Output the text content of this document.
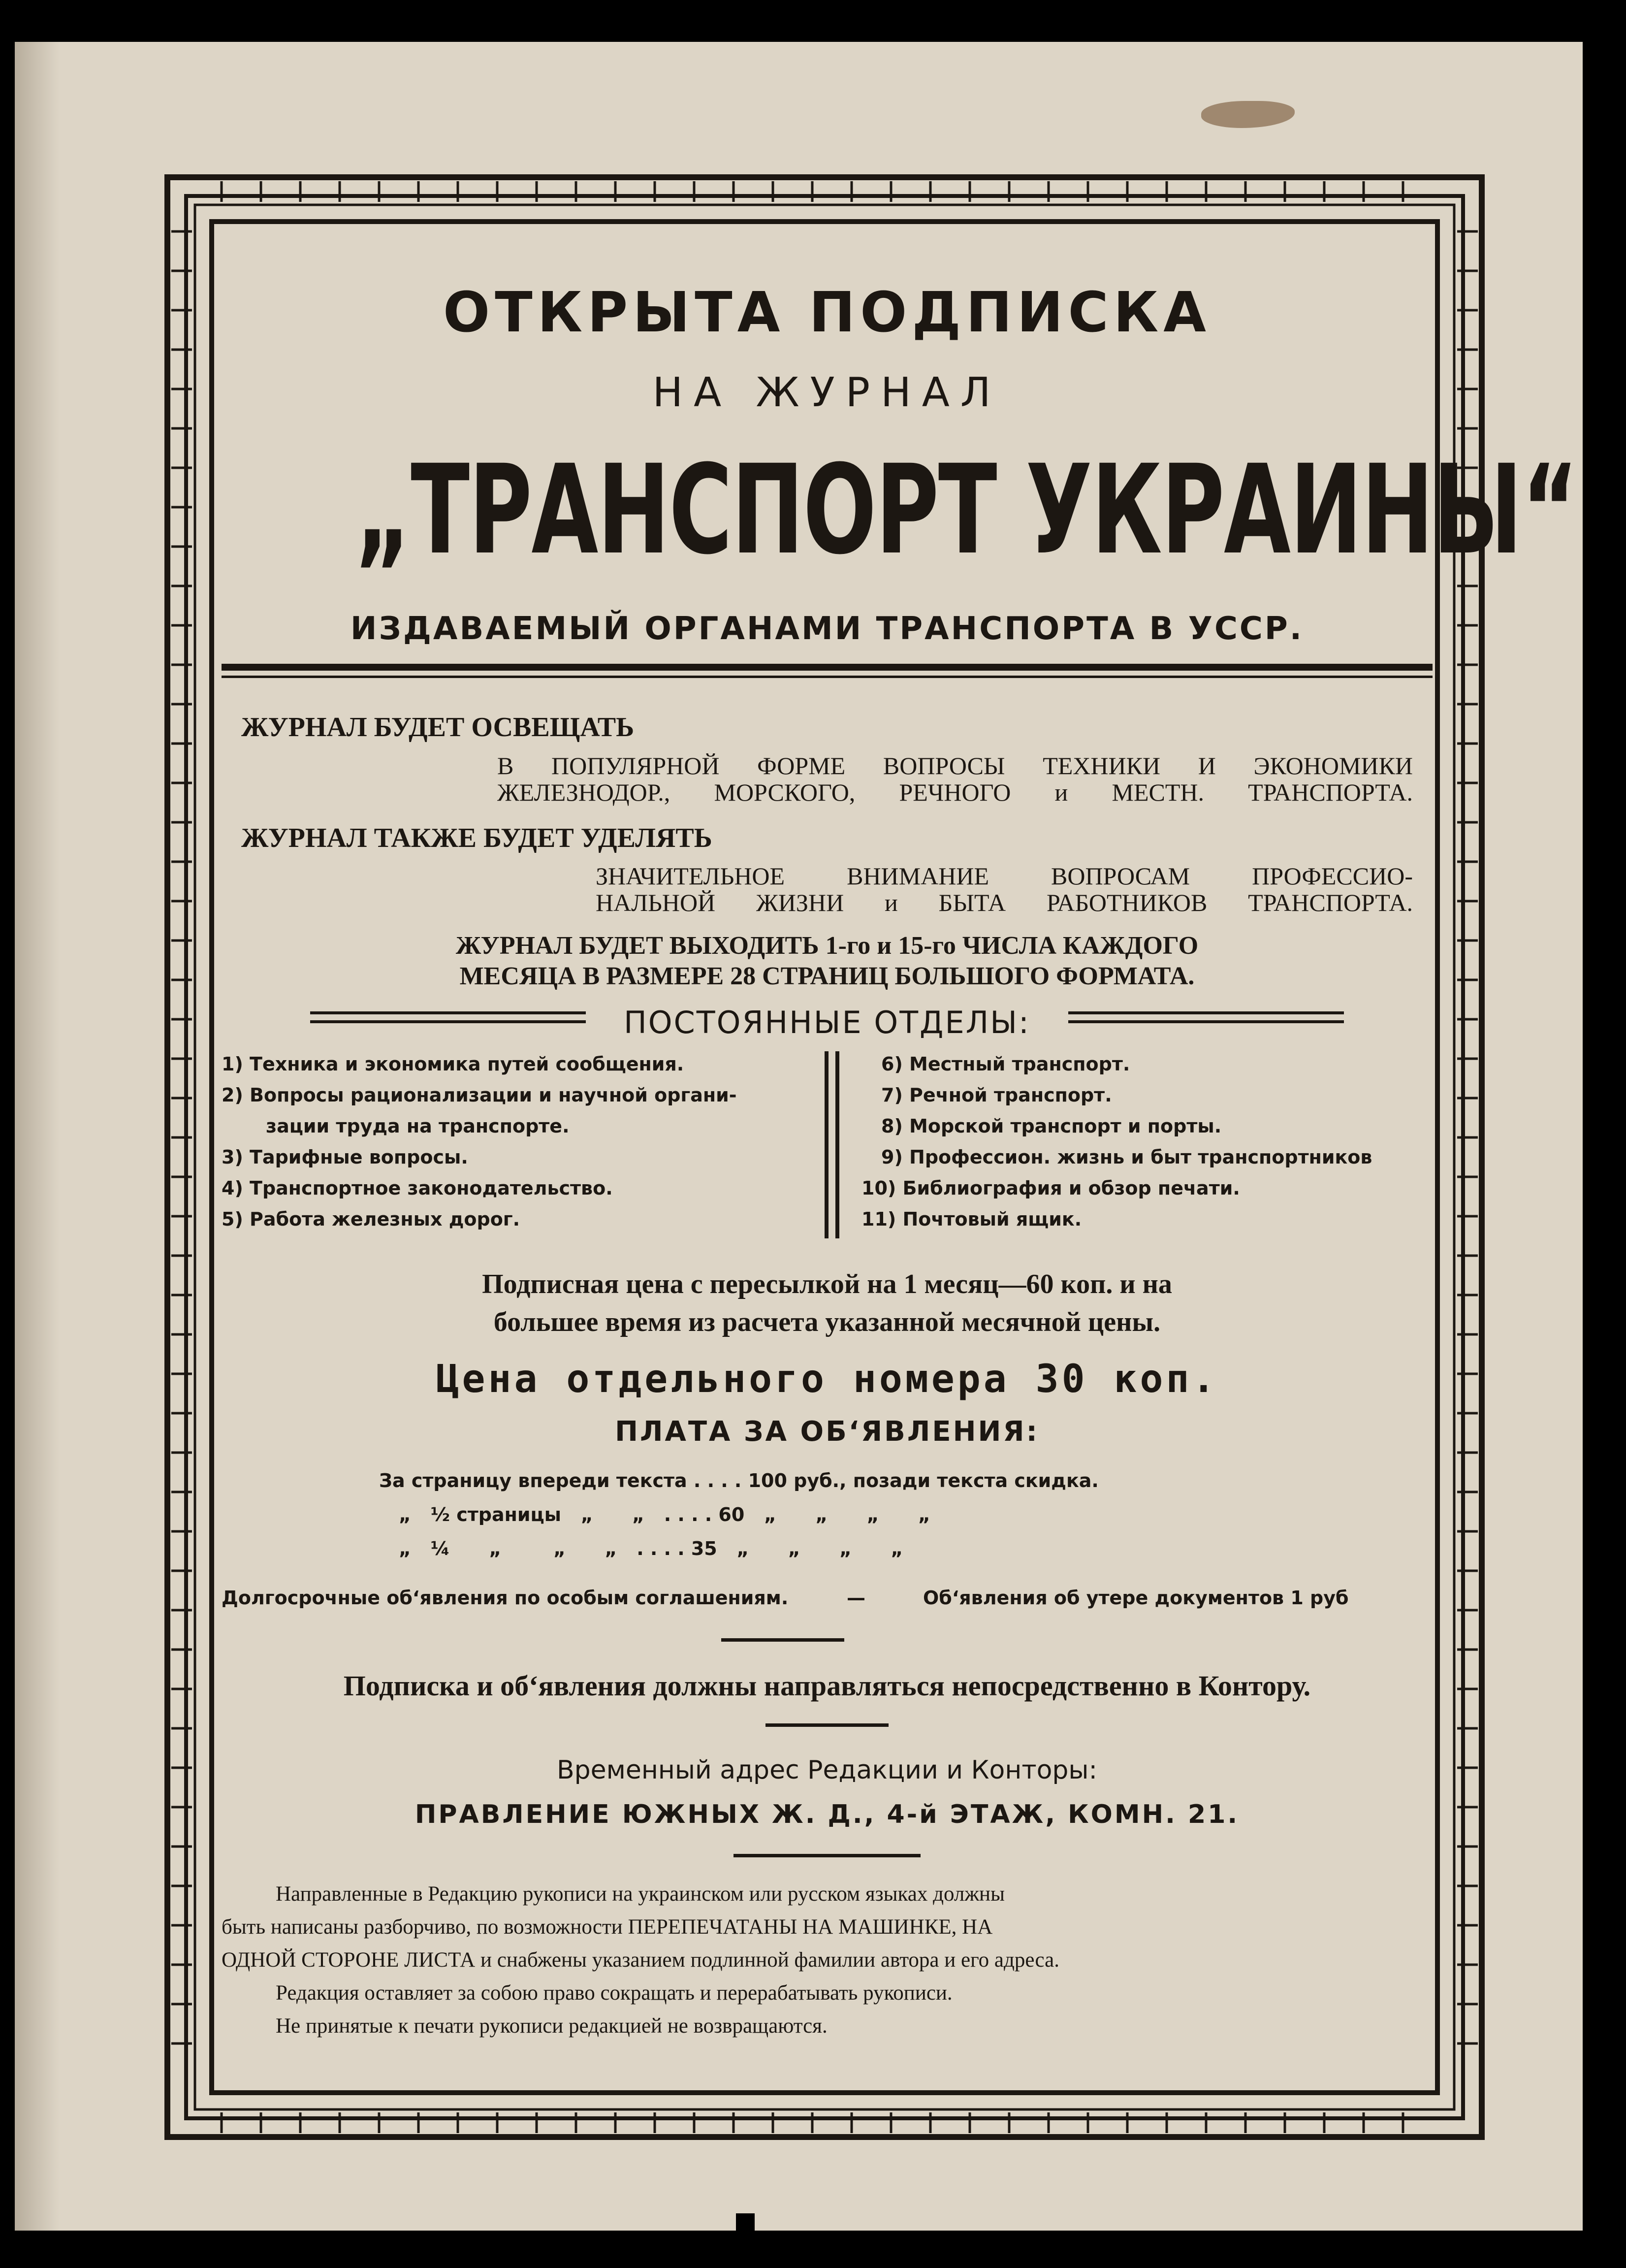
ОТКРЫТА ПОДПИСКА
НА ЖУРНАЛ
„ТРАНСПОРТ УКРАИНЫ“
ИЗДАВАЕМЫЙ ОРГАНАМИ ТРАНСПОРТА В УССР.
ЖУРНАЛ БУДЕТ ОСВЕЩАТЬ
В ПОПУЛЯРНОЙ ФОРМЕ ВОПРОСЫ ТЕХНИКИ И ЭКОНОМИКИ
ЖЕЛЕЗНОДОР., МОРСКОГО, РЕЧНОГО и МЕСТН. ТРАНСПОРТА.
ЖУРНАЛ ТАКЖЕ БУДЕТ УДЕЛЯТЬ
ЗНАЧИТЕЛЬНОЕ ВНИМАНИЕ ВОПРОСАМ ПРОФЕССИО-
НАЛЬНОЙ ЖИЗНИ и БЫТА РАБОТНИКОВ ТРАНСПОРТА.
ЖУРНАЛ БУДЕТ ВЫХОДИТЬ 1-го и 15-го ЧИСЛА КАЖДОГО
МЕСЯЦА В РАЗМЕРЕ 28 СТРАНИЦ БОЛЬШОГО ФОРМАТА.
ПОСТОЯННЫЕ ОТДЕЛЫ:
1) Техника и экономика путей сообщения.
2) Вопросы рационализации и научной органи-
зации труда на транспорте.
3) Тарифные вопросы.
4) Транспортное законодательство.
5) Работа железных дорог.
6) Местный транспорт.
7) Речной транспорт.
8) Морской транспорт и порты.
9) Профессион. жизнь и быт транспортников
10) Библиография и обзор печати.
11) Почтовый ящик.
Подписная цена с пересылкой на 1 месяц—60 коп. и на
большее время из расчета указанной месячной цены.
Цена отдельного номера 30 коп.
ПЛАТА ЗА ОБ‘ЯВЛЕНИЯ:
За страницу впереди текста . . . . 100 руб., позади текста скидка.
„   ½ страницы   „      „   . . . . 60   „      „      „      „
„   ¼      „        „      „   . . . . 35   „      „      „      „
Долгосрочные об‘явления по особым соглашениям.	—	Об‘явления об утере документов 1 руб
Подписка и об‘явления должны направляться непосредственно в Контору.
Временный адрес Редакции и Конторы:
ПРАВЛЕНИЕ ЮЖНЫХ Ж. Д., 4-й ЭТАЖ, КОМН. 21.
Направленные в Редакцию рукописи на украинском или русском языках должны
быть написаны разборчиво, по возможности ПЕРЕПЕЧАТАНЫ НА МАШИНКЕ, НА
ОДНОЙ СТОРОНЕ ЛИСТА и снабжены указанием подлинной фамилии автора и его адреса.
Редакция оставляет за собою право сокращать и перерабатывать рукописи.
Не принятые к печати рукописи редакцией не возвращаются.
